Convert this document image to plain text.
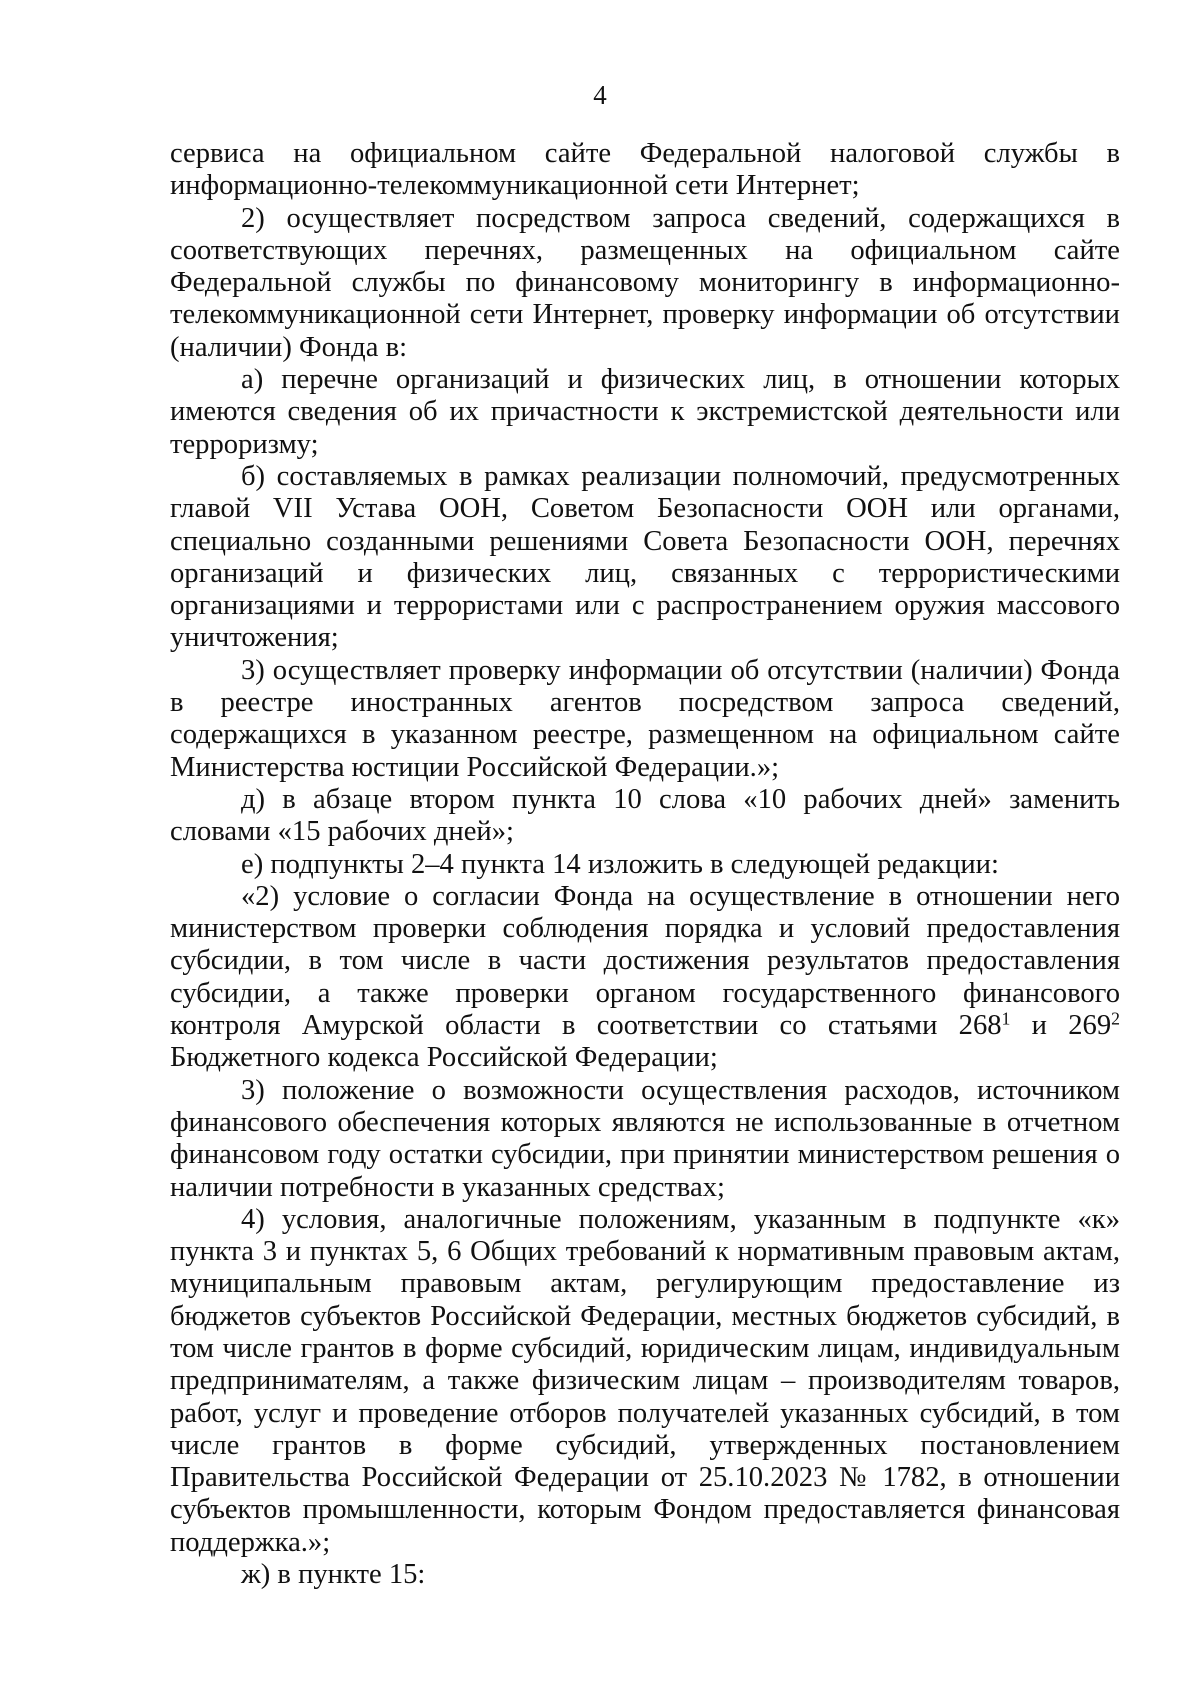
4

сервиса на официальном сайте Федеральной налоговой службы в информационно-телекоммуникационной сети Интернет;

2) осуществляет посредством запроса сведений, содержащихся в соответствующих перечнях, размещенных на официальном сайте Федеральной службы по финансовому мониторингу в информационно-телекоммуникационной сети Интернет, проверку информации об отсутствии (наличии) Фонда в:

а) перечне организаций и физических лиц, в отношении которых имеются сведения об их причастности к экстремистской деятельности или терроризму;

б) составляемых в рамках реализации полномочий, предусмотренных главой VII Устава ООН, Советом Безопасности ООН или органами, специально созданными решениями Совета Безопасности ООН, перечнях организаций и физических лиц, связанных с террористическими организациями и террористами или с распространением оружия массового уничтожения;

3) осуществляет проверку информации об отсутствии (наличии) Фонда в реестре иностранных агентов посредством запроса сведений, содержащихся в указанном реестре, размещенном на официальном сайте Министерства юстиции Российской Федерации.»;

д) в абзаце втором пункта 10 слова «10 рабочих дней» заменить словами «15 рабочих дней»;

е) подпункты 2–4 пункта 14 изложить в следующей редакции:

«2) условие о согласии Фонда на осуществление в отношении него министерством проверки соблюдения порядка и условий предоставления субсидии, в том числе в части достижения результатов предоставления субсидии, а также проверки органом государственного финансового контроля Амурской области в соответствии со статьями $268^1$ и $269^2$ Бюджетного кодекса Российской Федерации;

3) положение о возможности осуществления расходов, источником финансового обеспечения которых являются не использованные в отчетном финансовом году остатки субсидии, при принятии министерством решения о наличии потребности в указанных средствах;

4) условия, аналогичные положениям, указанным в подпункте «к» пункта 3 и пунктах 5, 6 Общих требований к нормативным правовым актам, муниципальным правовым актам, регулирующим предоставление из бюджетов субъектов Российской Федерации, местных бюджетов субсидий, в том числе грантов в форме субсидий, юридическим лицам, индивидуальным предпринимателям, а также физическим лицам – производителям товаров, работ, услуг и проведение отборов получателей указанных субсидий, в том числе грантов в форме субсидий, утвержденных постановлением Правительства Российской Федерации от 25.10.2023 № 1782, в отношении субъектов промышленности, которым Фондом предоставляется финансовая поддержка.»;

ж) в пункте 15:
